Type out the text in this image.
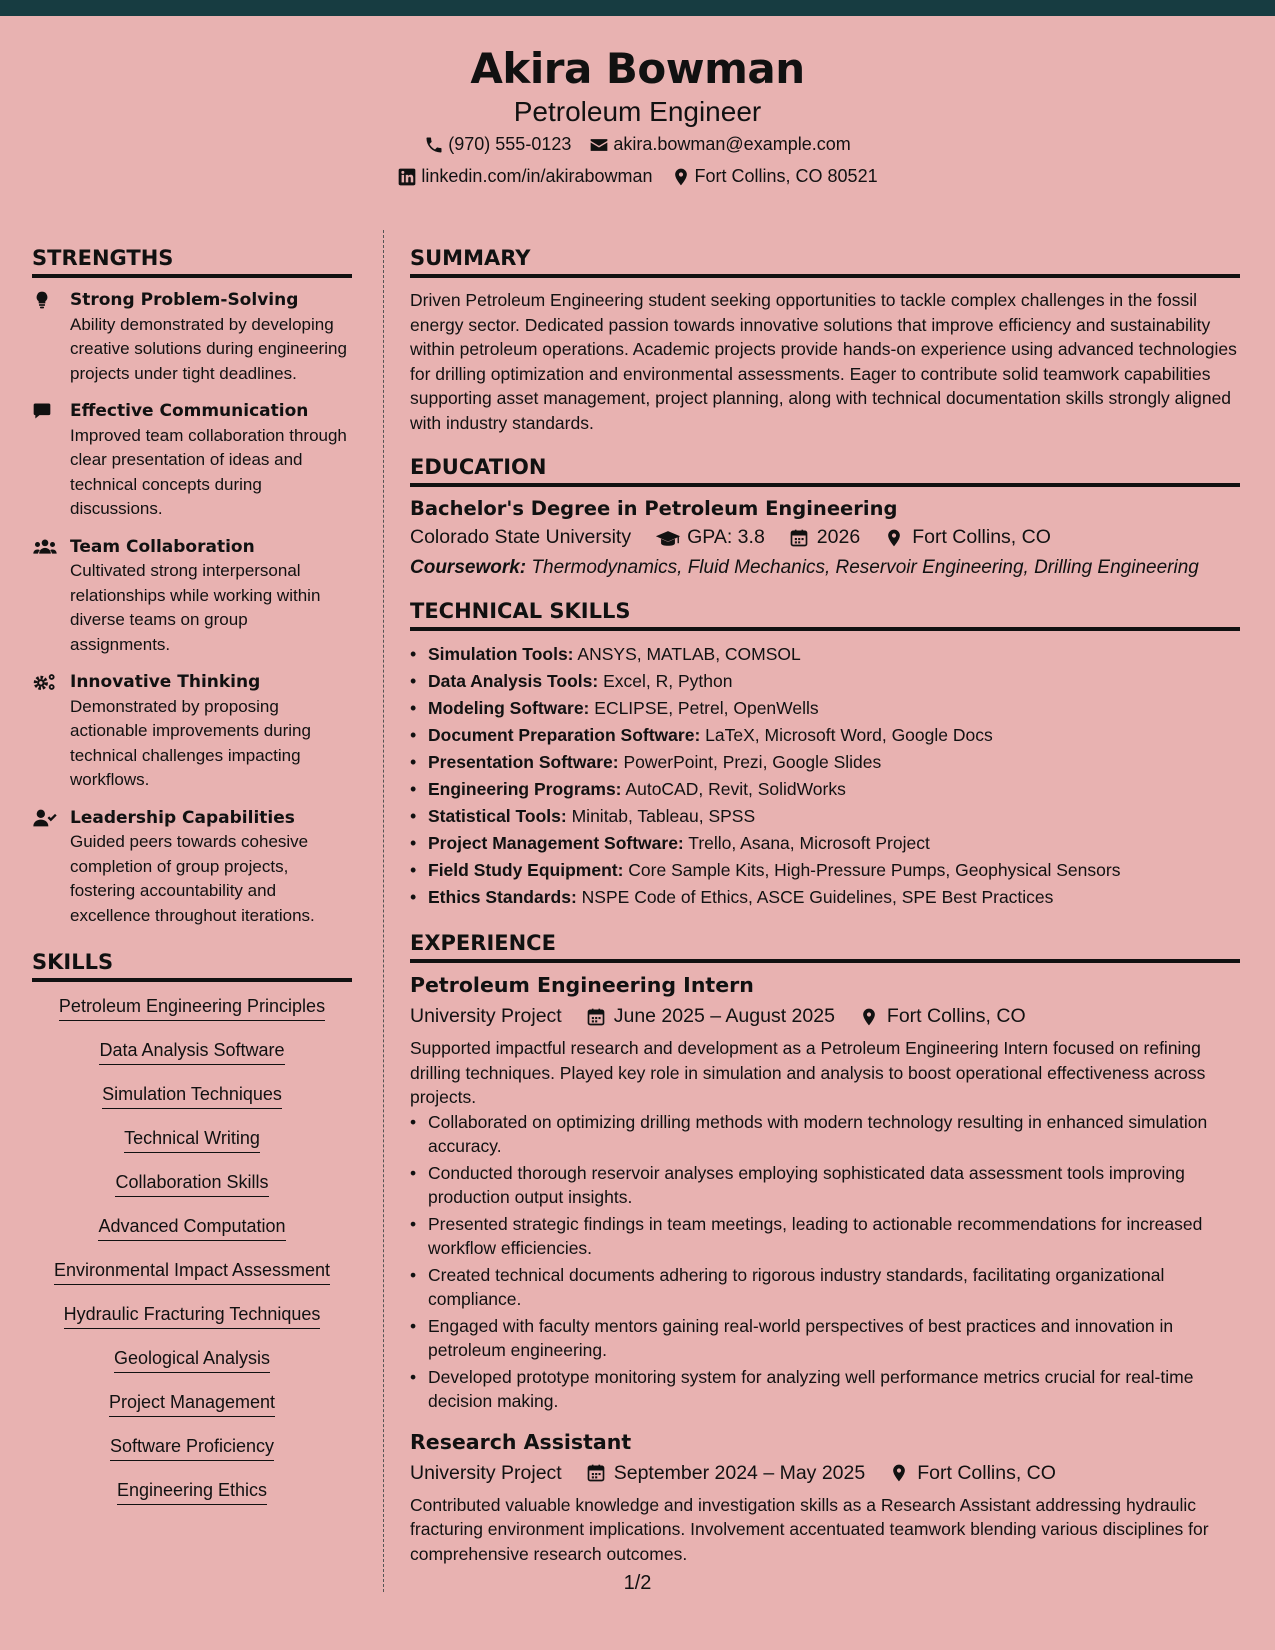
Akira Bowman
Petroleum Engineer
(970) 555-0123 akira.bowman@example.com
linkedin.com/in/akirabowman Fort Collins, CO 80521
STRENGTHS
Strong Problem-Solving
Ability demonstrated by developing creative solutions during engineering projects under tight deadlines.
Effective Communication
Improved team collaboration through clear presentation of ideas and technical concepts during discussions.
Team Collaboration
Cultivated strong interpersonal relationships while working within diverse teams on group assignments.
Innovative Thinking
Demonstrated by proposing actionable improvements during technical challenges impacting workflows.
Leadership Capabilities
Guided peers towards cohesive completion of group projects, fostering accountability and excellence throughout iterations.
SKILLS
Petroleum Engineering Principles
Data Analysis Software
Simulation Techniques
Technical Writing
Collaboration Skills
Advanced Computation
Environmental Impact Assessment
Hydraulic Fracturing Techniques
Geological Analysis
Project Management
Software Proficiency
Engineering Ethics
SUMMARY
Driven Petroleum Engineering student seeking opportunities to tackle complex challenges in the fossil energy sector. Dedicated passion towards innovative solutions that improve efficiency and sustainability within petroleum operations. Academic projects provide hands-on experience using advanced technologies for drilling optimization and environmental assessments. Eager to contribute solid teamwork capabilities supporting asset management, project planning, along with technical documentation skills strongly aligned with industry standards.
EDUCATION
Bachelor's Degree in Petroleum Engineering
Colorado State University	GPA: 3.8	2026	Fort Collins, CO
Coursework: Thermodynamics, Fluid Mechanics, Reservoir Engineering, Drilling Engineering
TECHNICAL SKILLS
• Simulation Tools: ANSYS, MATLAB, COMSOL
• Data Analysis Tools: Excel, R, Python
• Modeling Software: ECLIPSE, Petrel, OpenWells
• Document Preparation Software: LaTeX, Microsoft Word, Google Docs
• Presentation Software: PowerPoint, Prezi, Google Slides
• Engineering Programs: AutoCAD, Revit, SolidWorks
• Statistical Tools: Minitab, Tableau, SPSS
• Project Management Software: Trello, Asana, Microsoft Project
• Field Study Equipment: Core Sample Kits, High-Pressure Pumps, Geophysical Sensors
• Ethics Standards: NSPE Code of Ethics, ASCE Guidelines, SPE Best Practices
EXPERIENCE
Petroleum Engineering Intern
University Project	June 2025 – August 2025	Fort Collins, CO
Supported impactful research and development as a Petroleum Engineering Intern focused on refining drilling techniques. Played key role in simulation and analysis to boost operational effectiveness across projects.
• Collaborated on optimizing drilling methods with modern technology resulting in enhanced simulation accuracy.
• Conducted thorough reservoir analyses employing sophisticated data assessment tools improving production output insights.
• Presented strategic findings in team meetings, leading to actionable recommendations for increased workflow efficiencies.
• Created technical documents adhering to rigorous industry standards, facilitating organizational compliance.
• Engaged with faculty mentors gaining real-world perspectives of best practices and innovation in petroleum engineering.
• Developed prototype monitoring system for analyzing well performance metrics crucial for real-time decision making.
Research Assistant
University Project	September 2024 – May 2025	Fort Collins, CO
Contributed valuable knowledge and investigation skills as a Research Assistant addressing hydraulic fracturing environment implications. Involvement accentuated teamwork blending various disciplines for comprehensive research outcomes.
1/2
